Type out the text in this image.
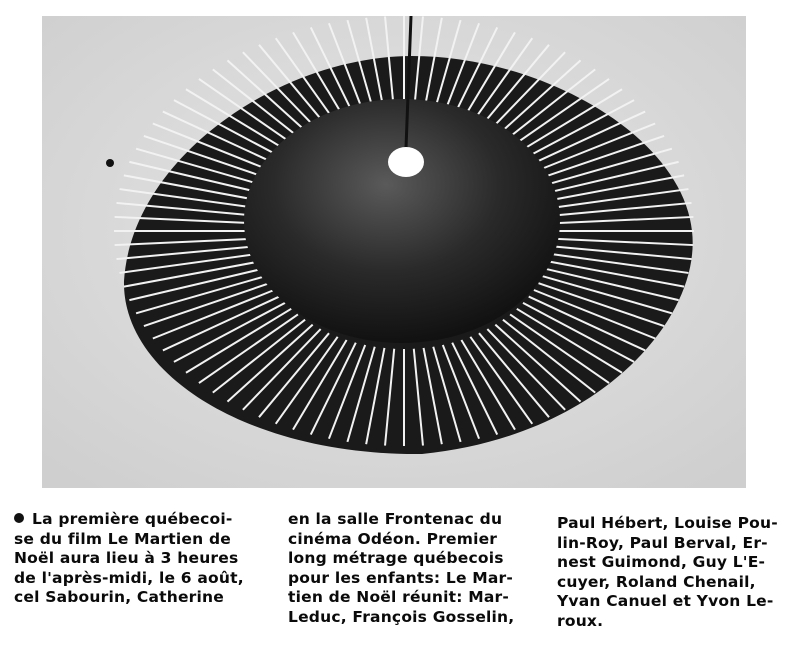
La première québecoi-
se du film Le Martien de
Noël aura lieu à 3 heures
de l'après-midi, le 6 août,
cel Sabourin, Catherine
en la salle Frontenac du
cinéma Odéon. Premier
long métrage québecois
pour les enfants: Le Mar-
tien de Noël réunit: Mar-
Leduc, François Gosselin,
Paul Hébert, Louise Pou-
lin-Roy, Paul Berval, Er-
nest Guimond, Guy L'E-
cuyer, Roland Chenail,
Yvan Canuel et Yvon Le-
roux.
